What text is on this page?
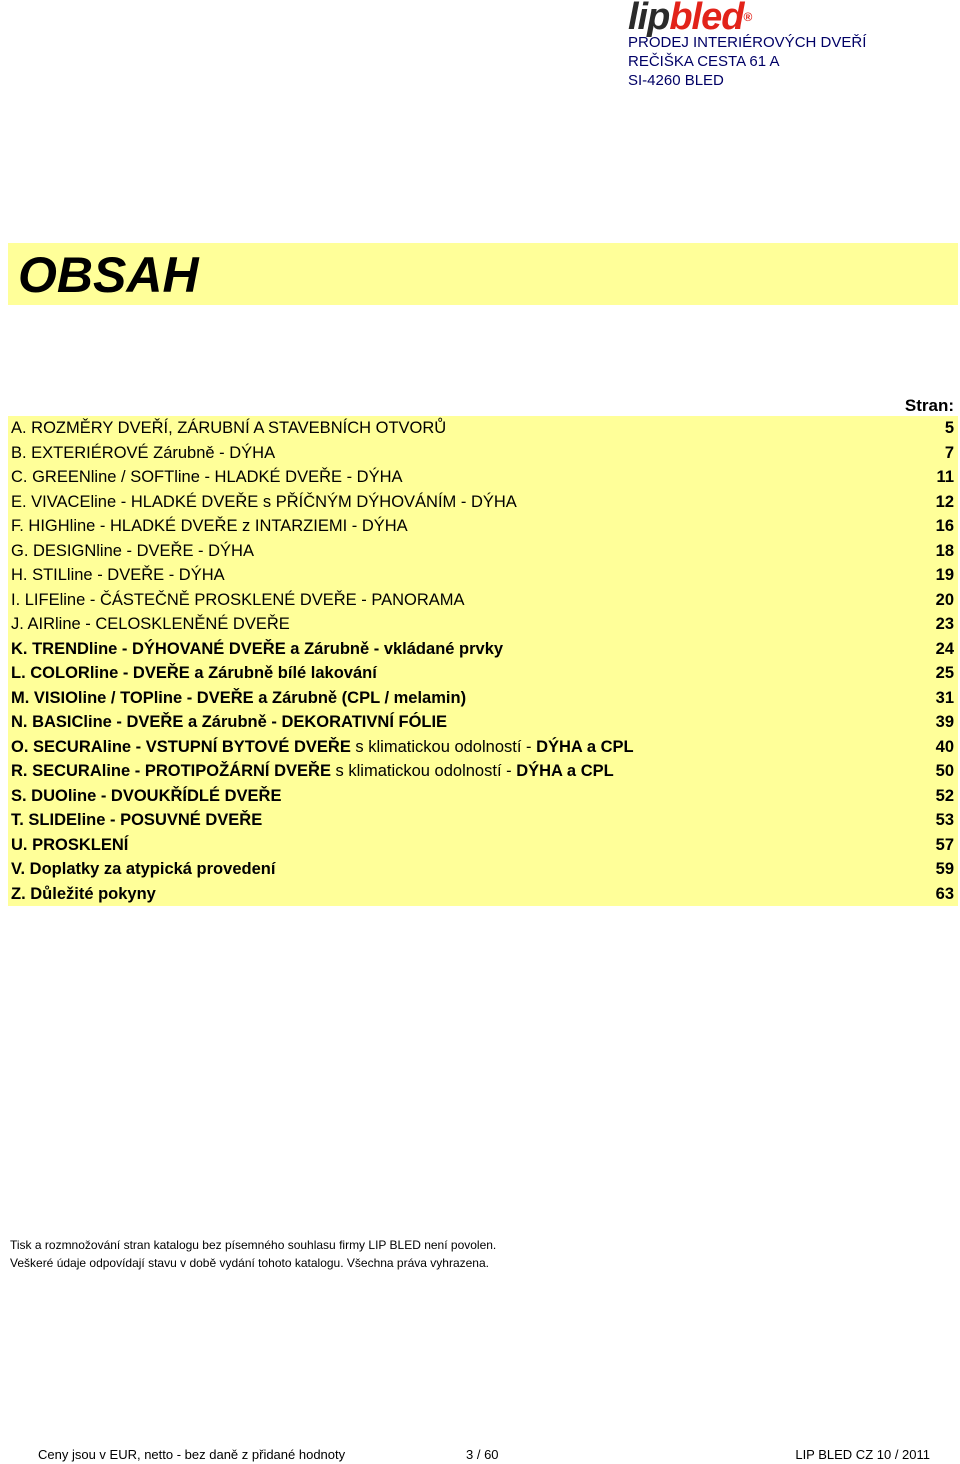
lipbled®
PRODEJ INTERIÉROVÝCH DVEŘÍ
REČIŠKA CESTA 61 A
SI-4260 BLED
OBSAH
Stran:
A. ROZMĚRY DVEŘÍ, ZÁRUBNÍ A STAVEBNÍCH OTVORŮ	5
B. EXTERIÉROVÉ Zárubně - DÝHA	7
C. GREENline / SOFTline - HLADKÉ DVEŘE - DÝHA	11
E. VIVACEline - HLADKÉ DVEŘE s PŘÍČNÝM DÝHOVÁNÍM - DÝHA	12
F. HIGHline - HLADKÉ DVEŘE z INTARZIEMI - DÝHA	16
G. DESIGNline - DVEŘE - DÝHA	18
H. STILline - DVEŘE - DÝHA	19
I. LIFEline - ČÁSTEČNĚ PROSKLENÉ DVEŘE - PANORAMA	20
J. AIRline - CELOSKLENĚNÉ DVEŘE	23
K. TRENDline - DÝHOVANÉ DVEŘE a Zárubně - vkládané prvky	24
L. COLORline - DVEŘE a Zárubně bílé lakování	25
M. VISIOline / TOPline - DVEŘE a Zárubně (CPL / melamin)	31
N. BASICline - DVEŘE a Zárubně - DEKORATIVNÍ FÓLIE	39
O. SECURAline - VSTUPNÍ BYTOVÉ DVEŘE s klimatickou odolností - DÝHA a CPL	40
R. SECURAline - PROTIPOŽÁRNÍ DVEŘE s klimatickou odolností - DÝHA a CPL	50
S. DUOline - DVOUKŘÍDLÉ DVEŘE	52
T. SLIDEline - POSUVNÉ DVEŘE	53
U. PROSKLENÍ	57
V. Doplatky za atypická provedení	59
Z. Důležité pokyny	63
Tisk a rozmnožování stran katalogu bez písemného souhlasu firmy LIP BLED není povolen.
Veškeré údaje odpovídají stavu v době vydání tohoto katalogu. Všechna práva vyhrazena.
Ceny jsou v EUR, netto - bez daně z přidané hodnoty	3 / 60	LIP BLED CZ 10 / 2011
